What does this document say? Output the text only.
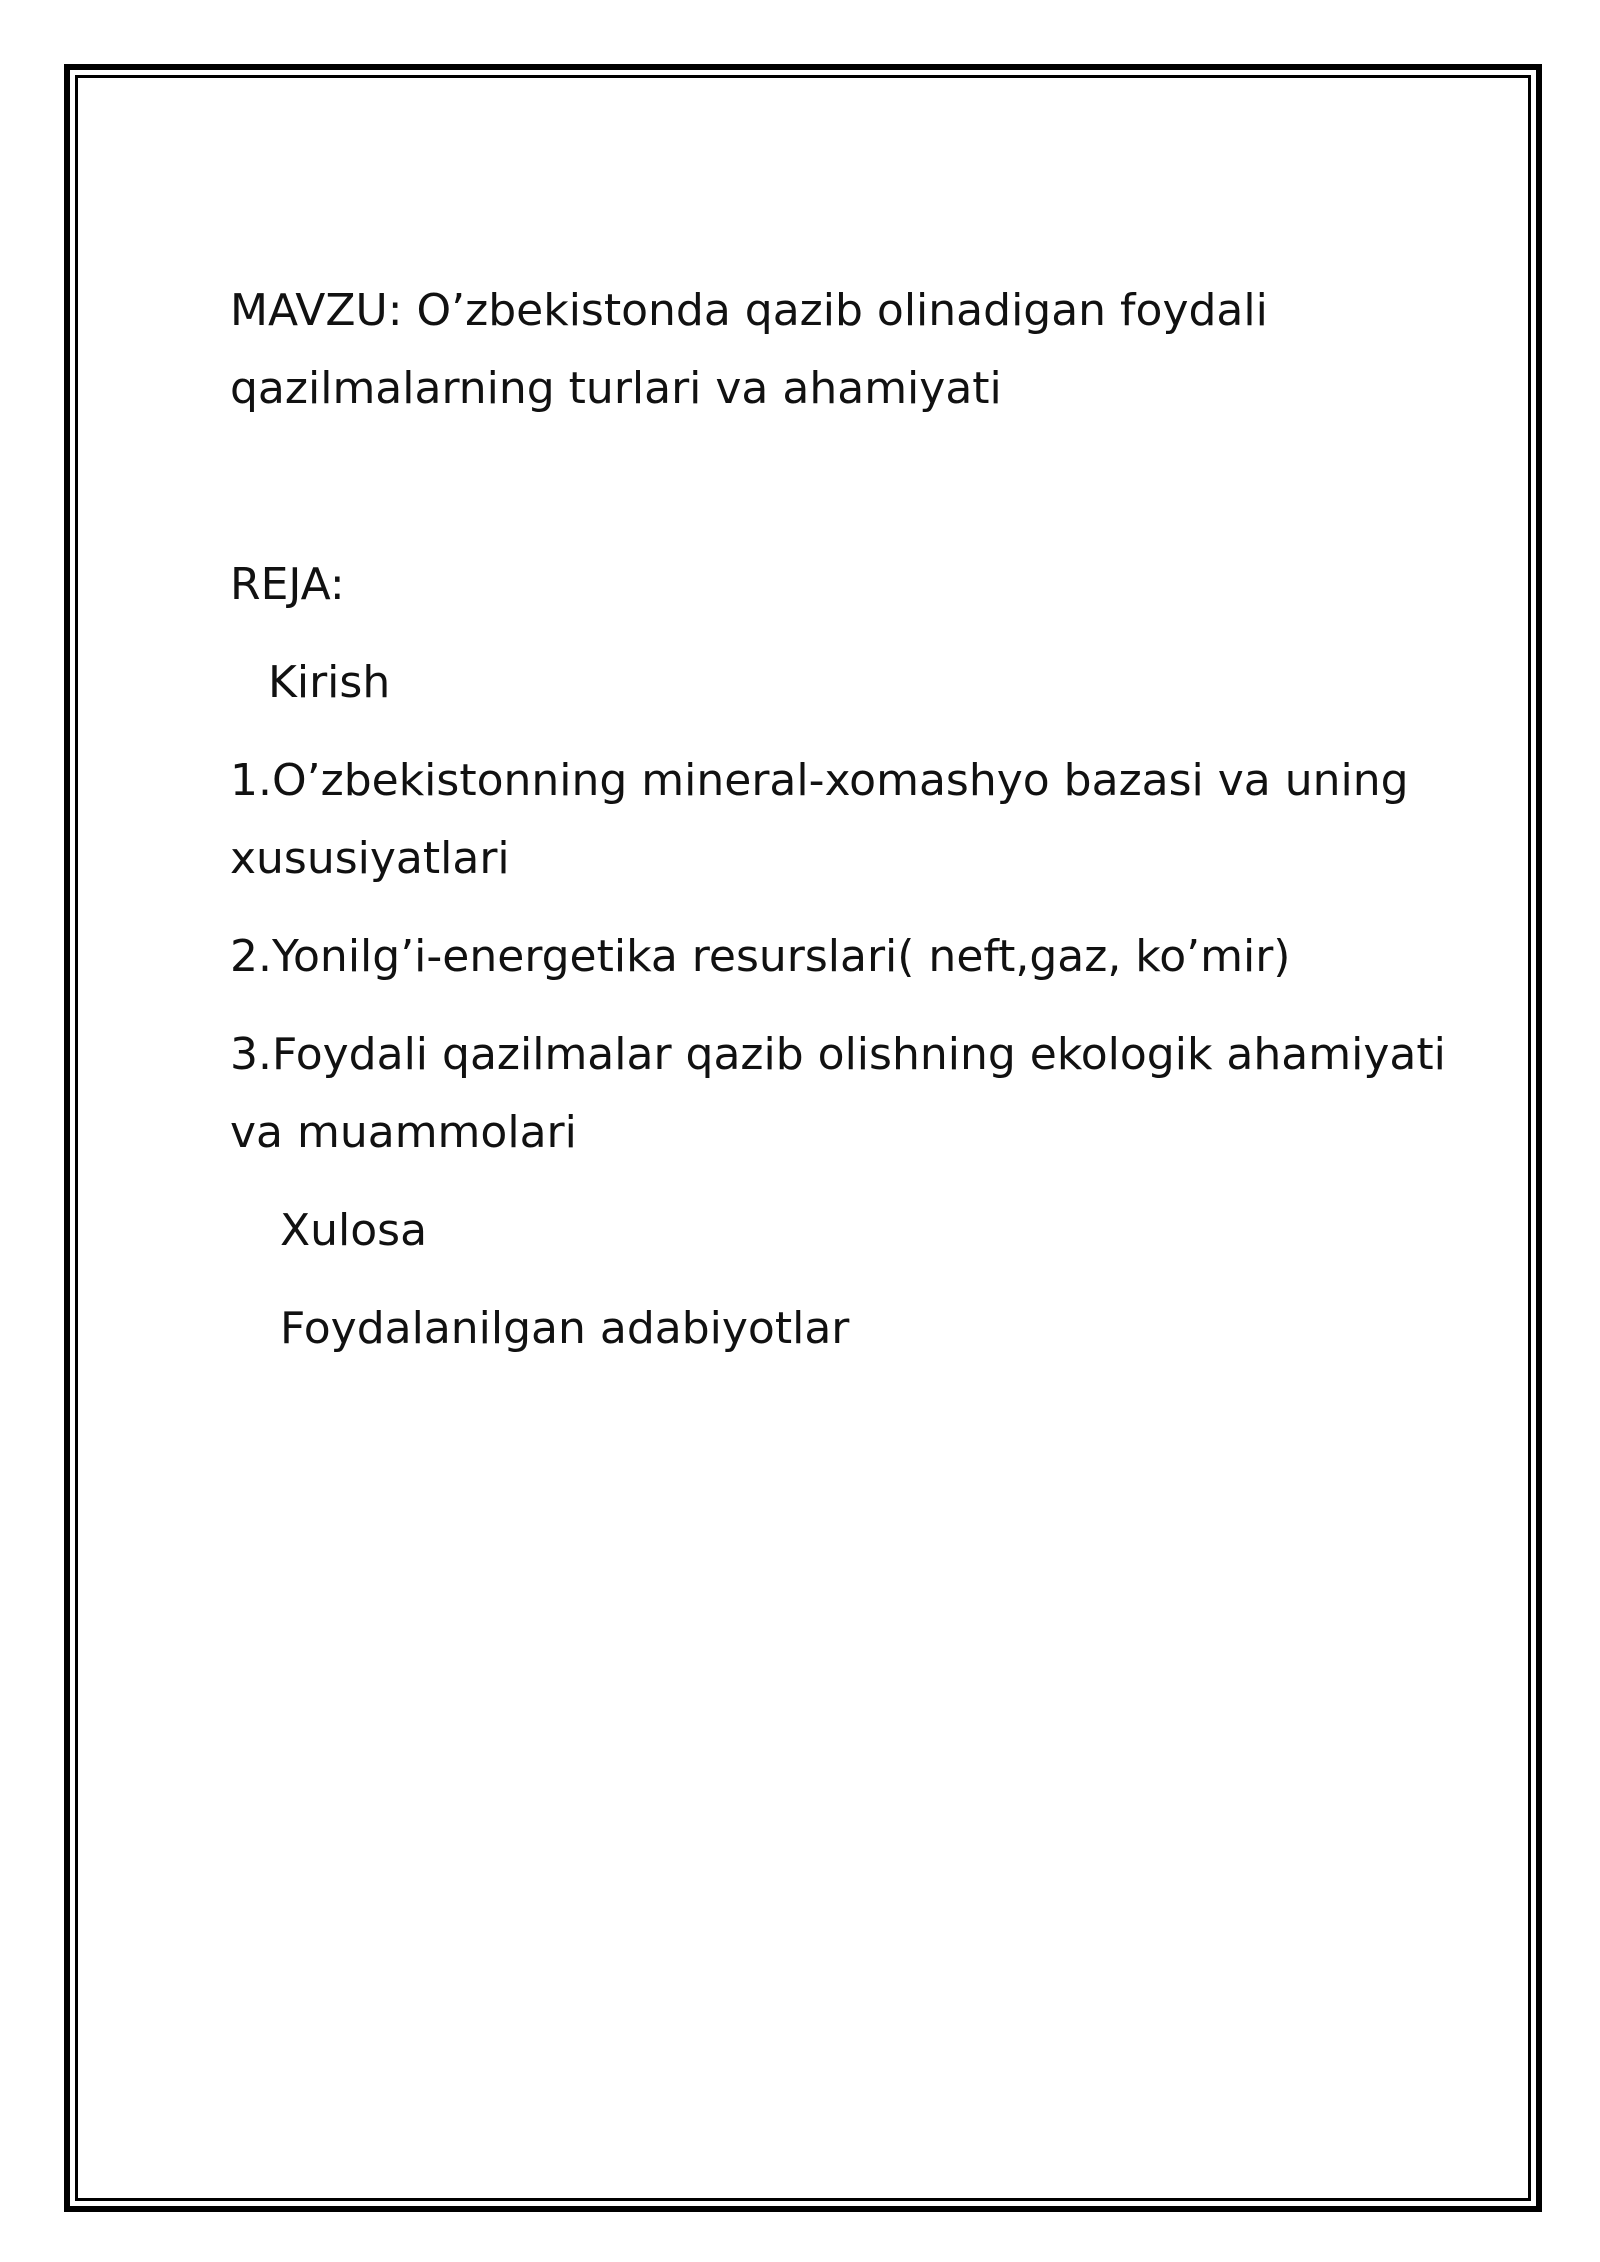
MAVZU: O’zbekistonda qazib olinadigan foydali

qazilmalarning turlari va ahamiyati

REJA:

Kirish

1.O’zbekistonning mineral-xomashyo bazasi va uning

xususiyatlari

2.Yonilg’i-energetika resurslari( neft,gaz, ko’mir)

3.Foydali qazilmalar qazib olishning ekologik ahamiyati

va muammolari

Xulosa

Foydalanilgan adabiyotlar
